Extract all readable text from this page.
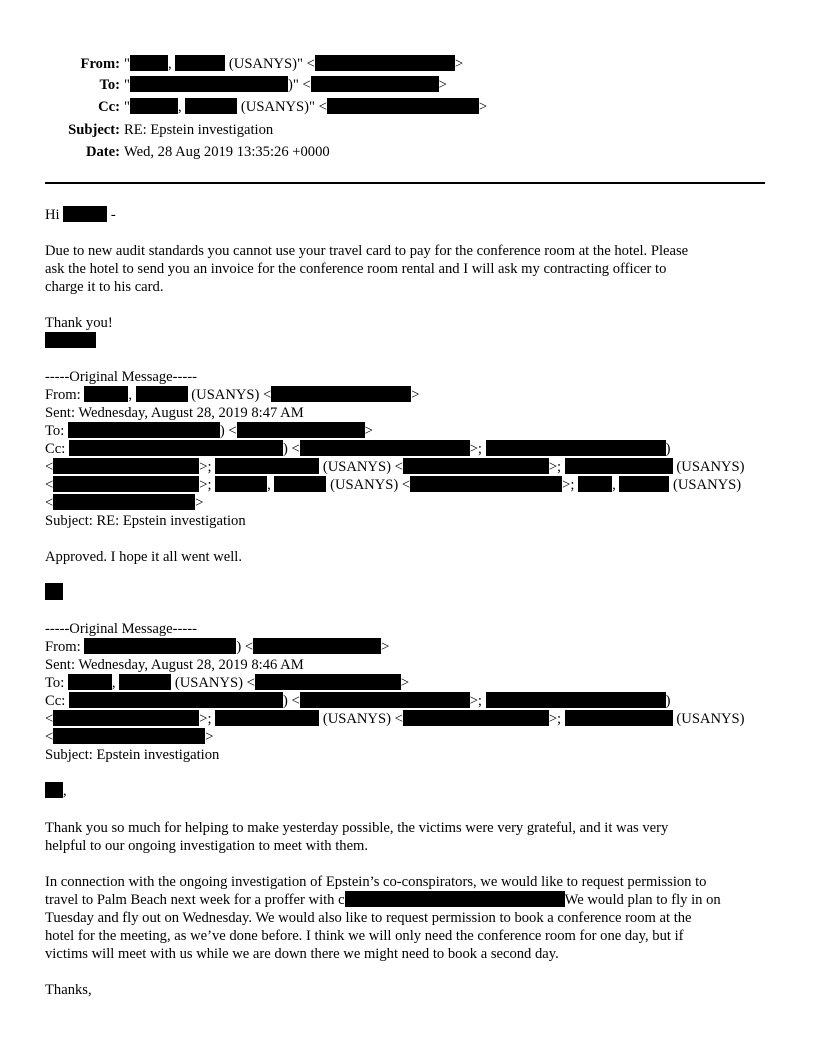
From: "	,	(USANYS)" <	>
To: "	)" <	>
Cc: "	,	(USANYS)" <	>
Subject: RE: Epstein investigation
Date: Wed, 28 Aug 2019 13:35:26 +0000
Hi	-
Due to new audit standards you cannot use your travel card to pay for the conference room at the hotel. Please
ask the hotel to send you an invoice for the conference room rental and I will ask my contracting officer to
charge it to his card.
Thank you!
-----Original Message-----
From:	,	(USANYS) <	>
Sent: Wednesday, August 28, 2019 8:47 AM
To:	) <	>
Cc:	) <	>;	)
<	>;	(USANYS) <	>;	(USANYS)
<	>;	,	(USANYS) <	>; ,	(USANYS)
<	>
Subject: RE: Epstein investigation
Approved. I hope it all went well.
-----Original Message-----
From:	) <	>
Sent: Wednesday, August 28, 2019 8:46 AM
To:	,	(USANYS) <	>
Cc:	) <	>;	)
<	>;	(USANYS) <	>;	(USANYS)
<	>
Subject: Epstein investigation
,
Thank you so much for helping to make yesterday possible, the victims were very grateful, and it was very
helpful to our ongoing investigation to meet with them.
In connection with the ongoing investigation of Epstein’s co-conspirators, we would like to request permission to
travel to Palm Beach next week for a proffer with c	We would plan to fly in on
Tuesday and fly out on Wednesday. We would also like to request permission to book a conference room at the
hotel for the meeting, as we’ve done before. I think we will only need the conference room for one day, but if
victims will meet with us while we are down there we might need to book a second day.
Thanks,
